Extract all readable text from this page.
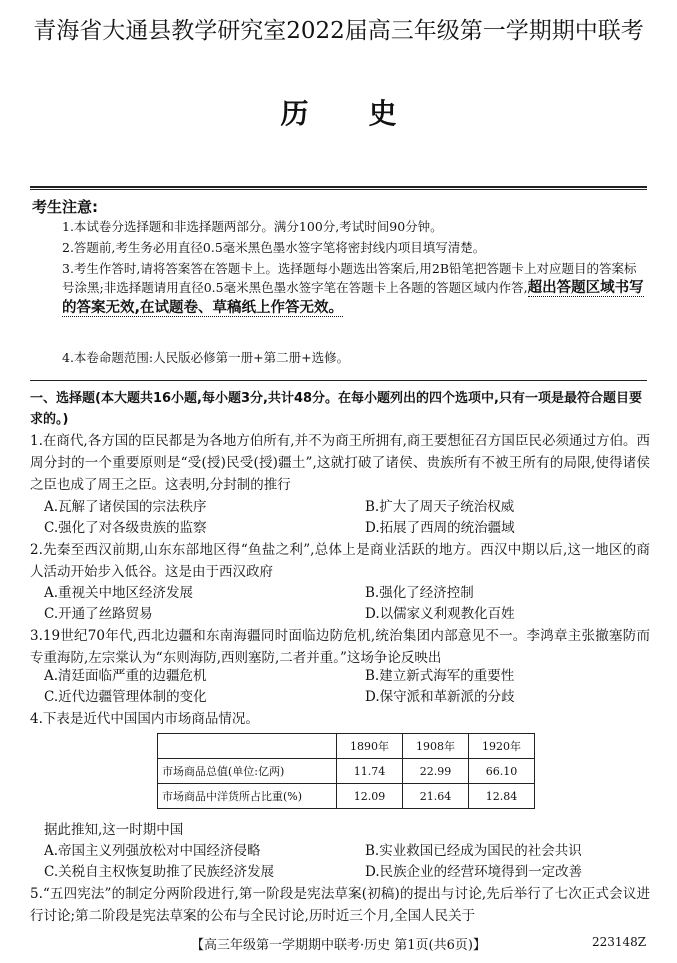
青海省大通县教学研究室2022届高三年级第一学期期中联考
历史
考生注意:
1.本试卷分选择题和非选择题两部分。满分100分,考试时间90分钟。
2.答题前,考生务必用直径0.5毫米黑色墨水签字笔将密封线内项目填写清楚。
3.考生作答时,请将答案答在答题卡上。选择题每小题选出答案后,用2B铅笔把答题卡上对应题目的答案标号涂黑;非选择题请用直径0.5毫米黑色墨水签字笔在答题卡上各题的答题区域内作答,超出答题区域书写的答案无效,在试题卷、草稿纸上作答无效。
4.本卷命题范围:人民版必修第一册+第二册+选修。
一、选择题(本大题共16小题,每小题3分,共计48分。在每小题列出的四个选项中,只有一项是最符合题目要求的。)
1.在商代,各方国的臣民都是为各地方伯所有,并不为商王所拥有,商王要想征召方国臣民必须通过方伯。西周分封的一个重要原则是“受(授)民受(授)疆土”,这就打破了诸侯、贵族所有不被王所有的局限,使得诸侯之臣也成了周王之臣。这表明,分封制的推行
A.瓦解了诸侯国的宗法秩序	B.扩大了周天子统治权威
C.强化了对各级贵族的监察	D.拓展了西周的统治疆域
2.先秦至西汉前期,山东东部地区得“鱼盐之利”,总体上是商业活跃的地方。西汉中期以后,这一地区的商人活动开始步入低谷。这是由于西汉政府
A.重视关中地区经济发展	B.强化了经济控制
C.开通了丝路贸易	D.以儒家义利观教化百姓
3.19世纪70年代,西北边疆和东南海疆同时面临边防危机,统治集团内部意见不一。李鸿章主张撤塞防而专重海防,左宗棠认为“东则海防,西则塞防,二者并重。”这场争论反映出
A.清廷面临严重的边疆危机	B.建立新式海军的重要性
C.近代边疆管理体制的变化	D.保守派和革新派的分歧
4.下表是近代中国国内市场商品情况。
	1890年	1908年	1920年
市场商品总值(单位:亿两)	11.74	22.99	66.10
市场商品中洋货所占比重(%)	12.09	21.64	12.84
据此推知,这一时期中国
A.帝国主义列强放松对中国经济侵略	B.实业救国已经成为国民的社会共识
C.关税自主权恢复助推了民族经济发展	D.民族企业的经营环境得到一定改善
5.“五四宪法”的制定分两阶段进行,第一阶段是宪法草案(初稿)的提出与讨论,先后举行了七次正式会议进行讨论;第二阶段是宪法草案的公布与全民讨论,历时近三个月,全国人民关于
【高三年级第一学期期中联考·历史 第1页(共6页)】	223148Z
